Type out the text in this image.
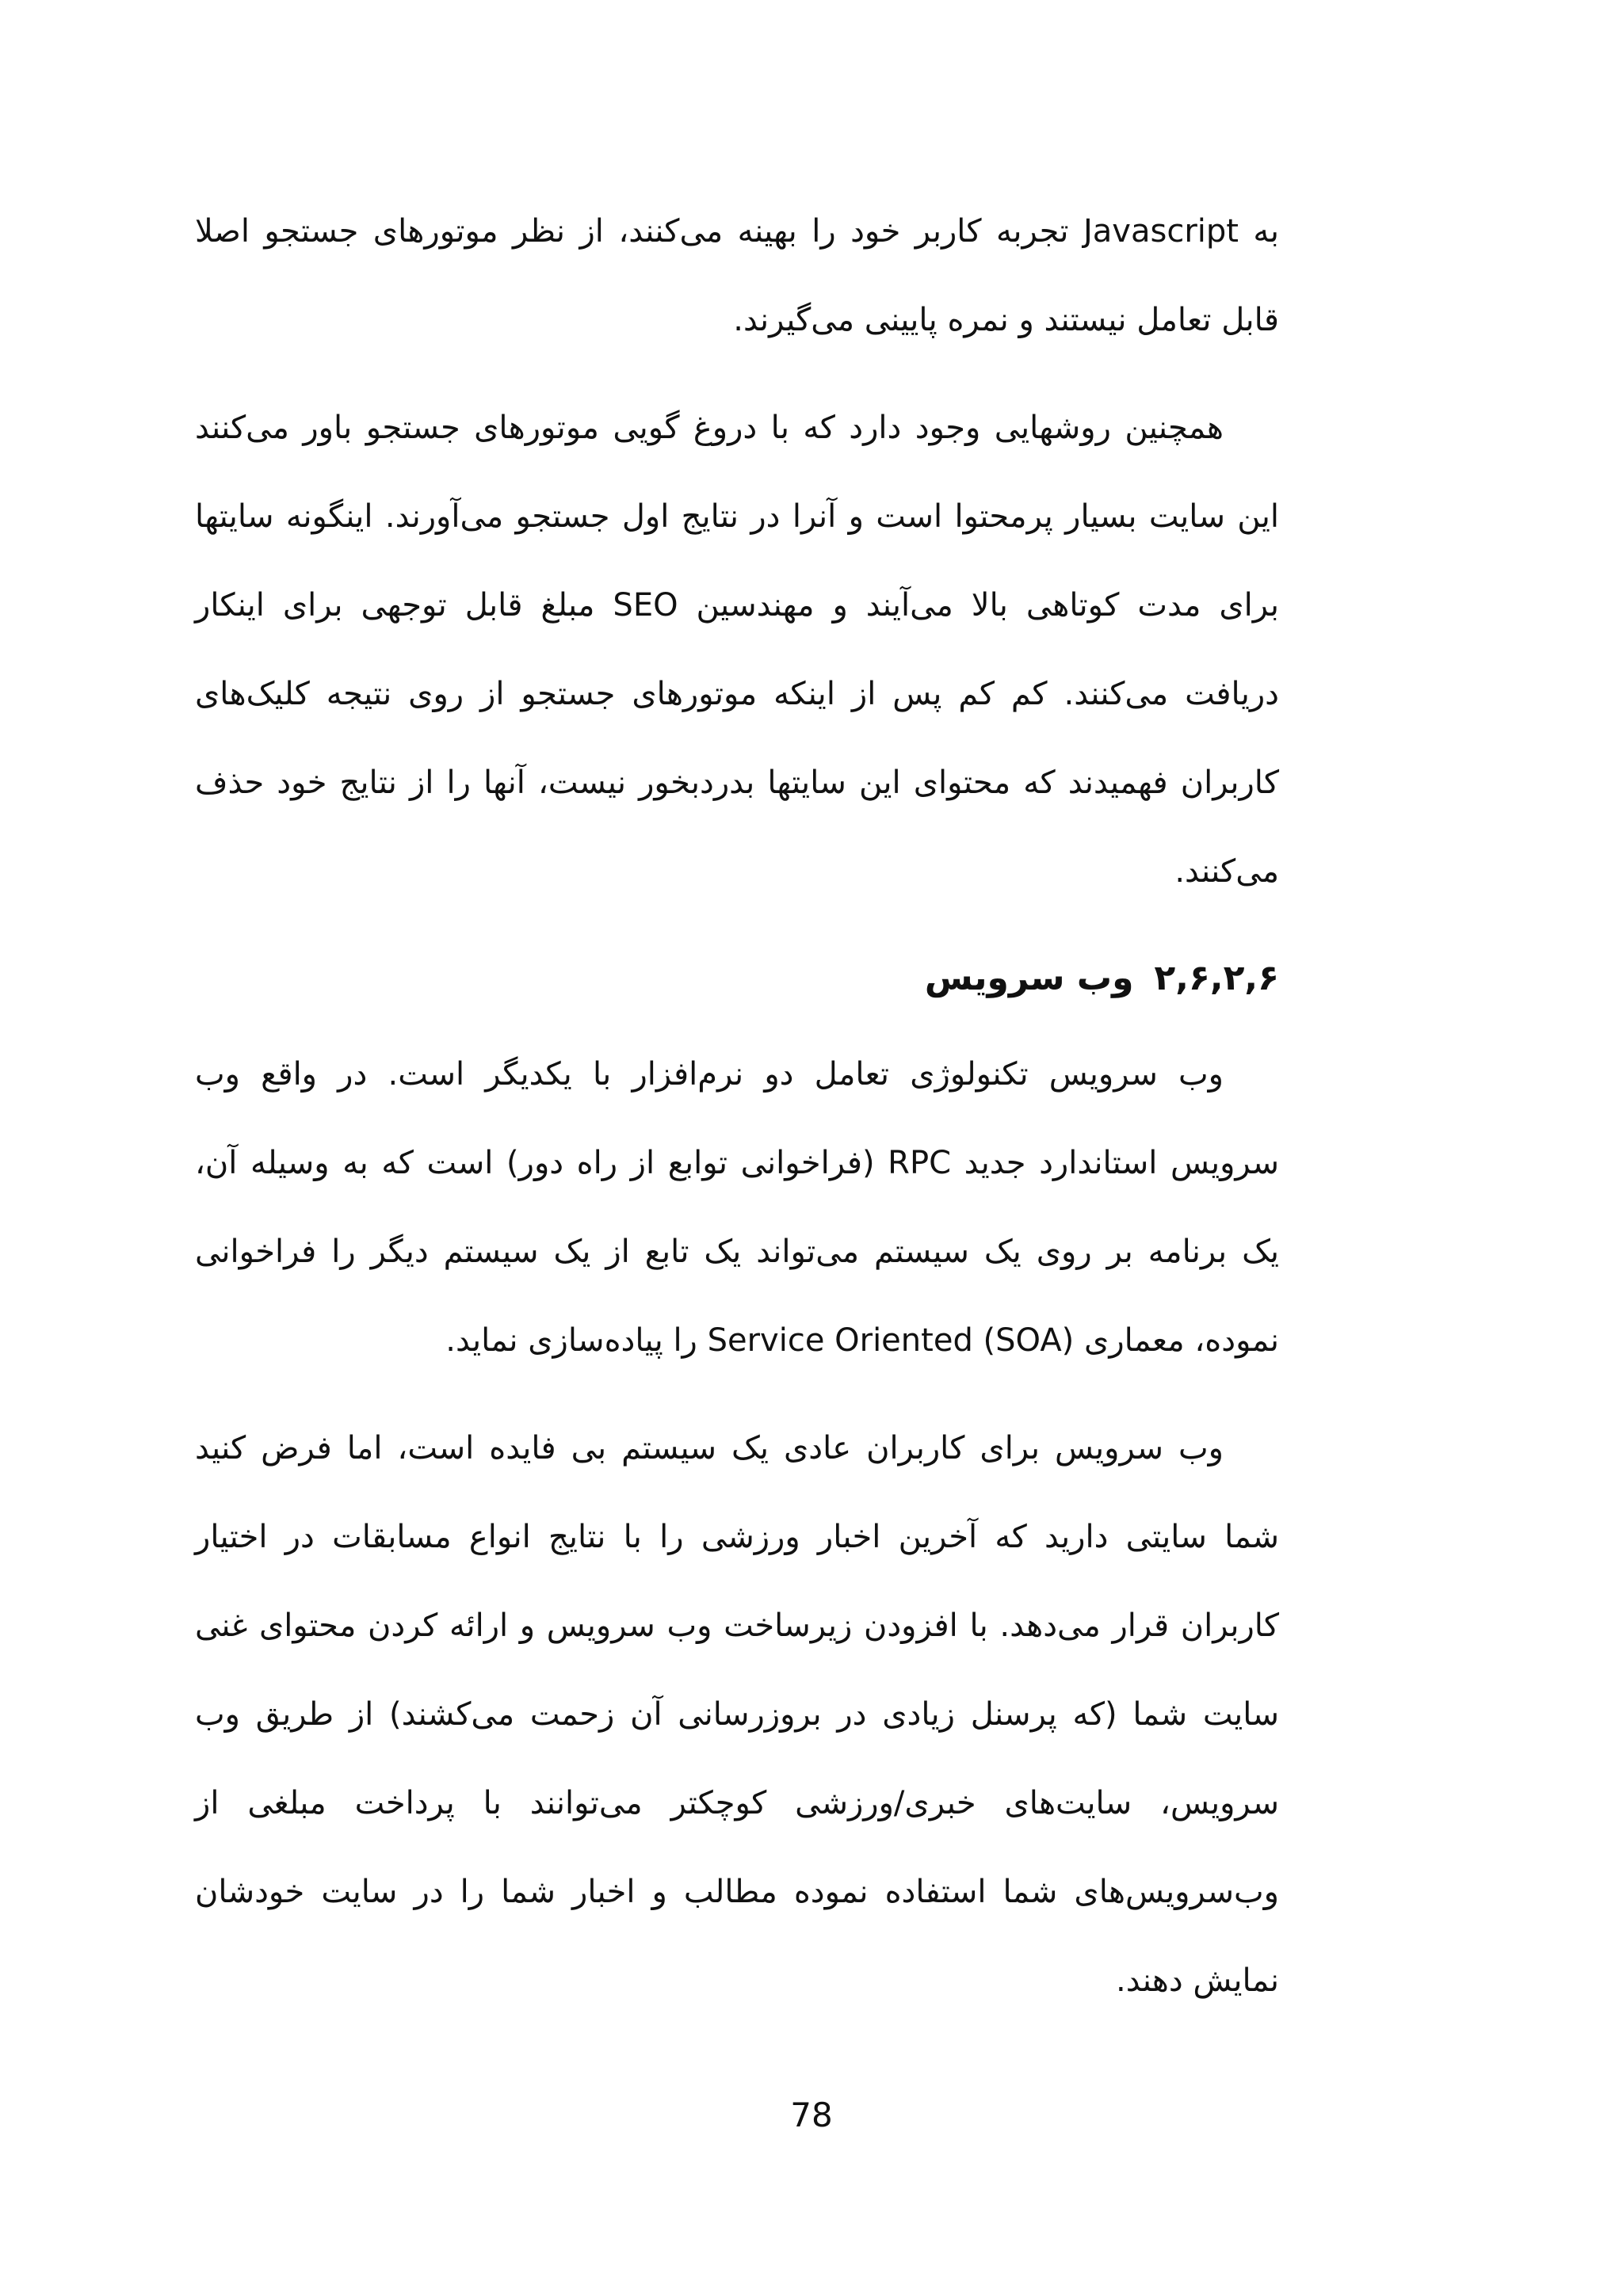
به Javascript تجربه کاربر خود را بهینه می‌کنند، از نظر موتورهای جستجو اصلا قابل تعامل نیستند و نمره پایینی می‌گیرند.

همچنین روشهایی وجود دارد که با دروغ گویی موتورهای جستجو باور می‌کنند این سایت بسیار پرمحتوا است و آنرا در نتایج اول جستجو می‌آورند. اینگونه سایتها برای مدت کوتاهی بالا می‌آیند و مهندسین SEO مبلغ قابل توجهی برای اینکار دریافت می‌کنند. کم کم پس از اینکه موتورهای جستجو از روی نتیجه کلیک‌های کاربران فهمیدند که محتوای این سایتها بدردبخور نیست، آنها را از نتایج خود حذف می‌کنند.

۲,۶,۲,۶وب سرویس

وب سرویس تکنولوژی تعامل دو نرم‌افزار با یکدیگر است. در واقع وب سرویس استاندارد جدید RPC (فراخوانی توابع از راه دور) است که به وسیله آن، یک برنامه بر روی یک سیستم می‌تواند یک تابع از یک سیستم دیگر را فراخوانی نموده، معماری Service Oriented (SOA) را پیاده‌سازی نماید.

وب سرویس برای کاربران عادی یک سیستم بی فایده است، اما فرض کنید شما سایتی دارید که آخرین اخبار ورزشی را با نتایج انواع مسابقات در اختیار کاربران قرار می‌دهد. با افزودن زیرساخت وب سرویس و ارائه کردن محتوای غنی سایت شما (که پرسنل زیادی در بروزرسانی آن زحمت می‌کشند) از طریق وب سرویس، سایت‌های خبری/ورزشی کوچکتر می‌توانند با پرداخت مبلغی از وب‌سرویس‌های شما استفاده نموده مطالب و اخبار شما را در سایت خودشان نمایش دهند.

78
